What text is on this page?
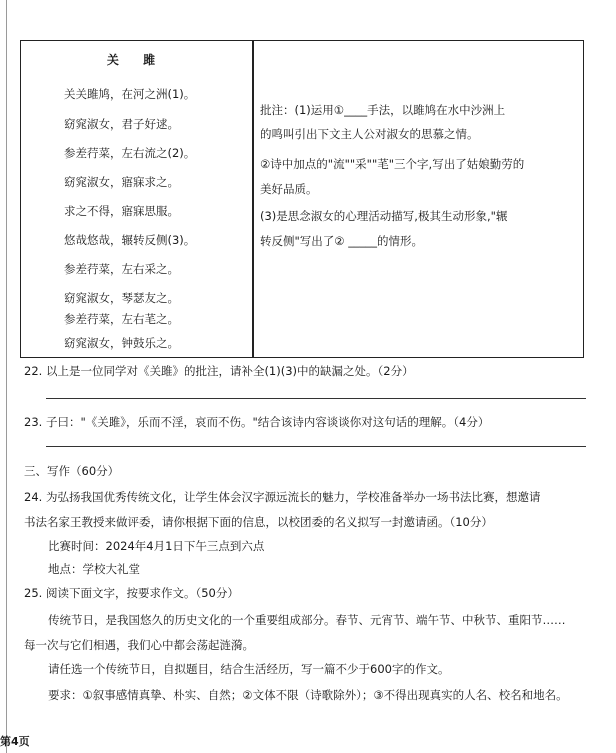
关 雎
关关雎鸠，在河之洲(1)。
窈窕淑女，君子好逑。
参差荇菜，左右流之(2)。
窈窕淑女，寤寐求之。
求之不得，寤寐思服。
悠哉悠哉，辗转反侧(3)。
参差荇菜，左右采之。
窈窕淑女，琴瑟友之。
参差荇菜，左右芼之。
窈窕淑女，钟鼓乐之。
批注：(1)运用①____手法，以雎鸠在水中沙洲上
的鸣叫引出下文主人公对淑女的思慕之情。
②诗中加点的"流""采""芼"三个字,写出了姑娘勤劳的
美好品质。
(3)是思念淑女的心理活动描写,极其生动形象,"辗
转反侧"写出了② _____的情形。
22. 以上是一位同学对《关雎》的批注，请补全(1)(3)中的缺漏之处。（2分）
23. 子曰："《关雎》，乐而不淫，哀而不伤。"结合该诗内容谈谈你对这句话的理解。（4分）
三、写作（60分）
24. 为弘扬我国优秀传统文化，让学生体会汉字源远流长的魅力，学校准备举办一场书法比赛，想邀请
书法名家王教授来做评委，请你根据下面的信息，以校团委的名义拟写一封邀请函。（10分）
比赛时间：2024年4月1日下午三点到六点
地点：学校大礼堂
25. 阅读下面文字，按要求作文。（50分）
传统节日，是我国悠久的历史文化的一个重要组成部分。春节、元宵节、端午节、中秋节、重阳节……
每一次与它们相遇，我们心中都会荡起涟漪。
请任选一个传统节日，自拟题目，结合生活经历，写一篇不少于600字的作文。
要求：①叙事感情真挚、朴实、自然；②文体不限（诗歌除外）；③不得出现真实的人名、校名和地名。
第4页
